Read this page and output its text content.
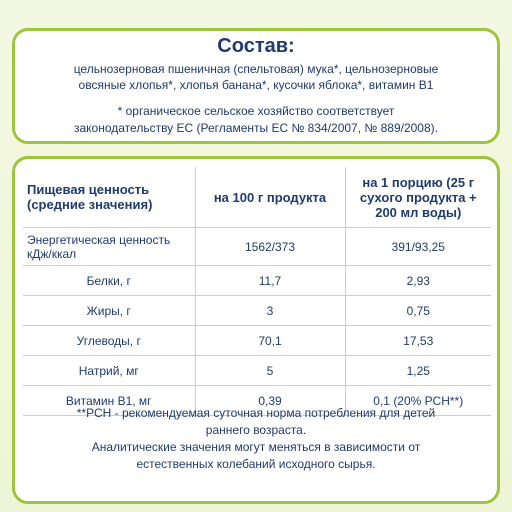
Состав:
цельнозерновая пшеничная (спельтовая) мука*, цельнозерновые
овсяные хлопья*, хлопья банана*, кусочки яблока*, витамин В1
* органическое сельское хозяйство соответствует
законодательству ЕС (Регламенты ЕС № 834/2007, № 889/2008).
Пищевая ценность (средние значения)	на 100 г продукта	на 1 порцию (25 г сухого продукта + 200 мл воды)
Энергетическая ценность кДж/ккал	1562/373	391/93,25
Белки, г	11,7	2,93
Жиры, г	3	0,75
Углеводы, г	70,1	17,53
Натрий, мг	5	1,25
Витамин В1, мг	0,39	0,1 (20% РСН**)
**РСН - рекомендуемая суточная норма потребления для детей
раннего возраста.
Аналитические значения могут меняться в зависимости от
естественных колебаний исходного сырья.
